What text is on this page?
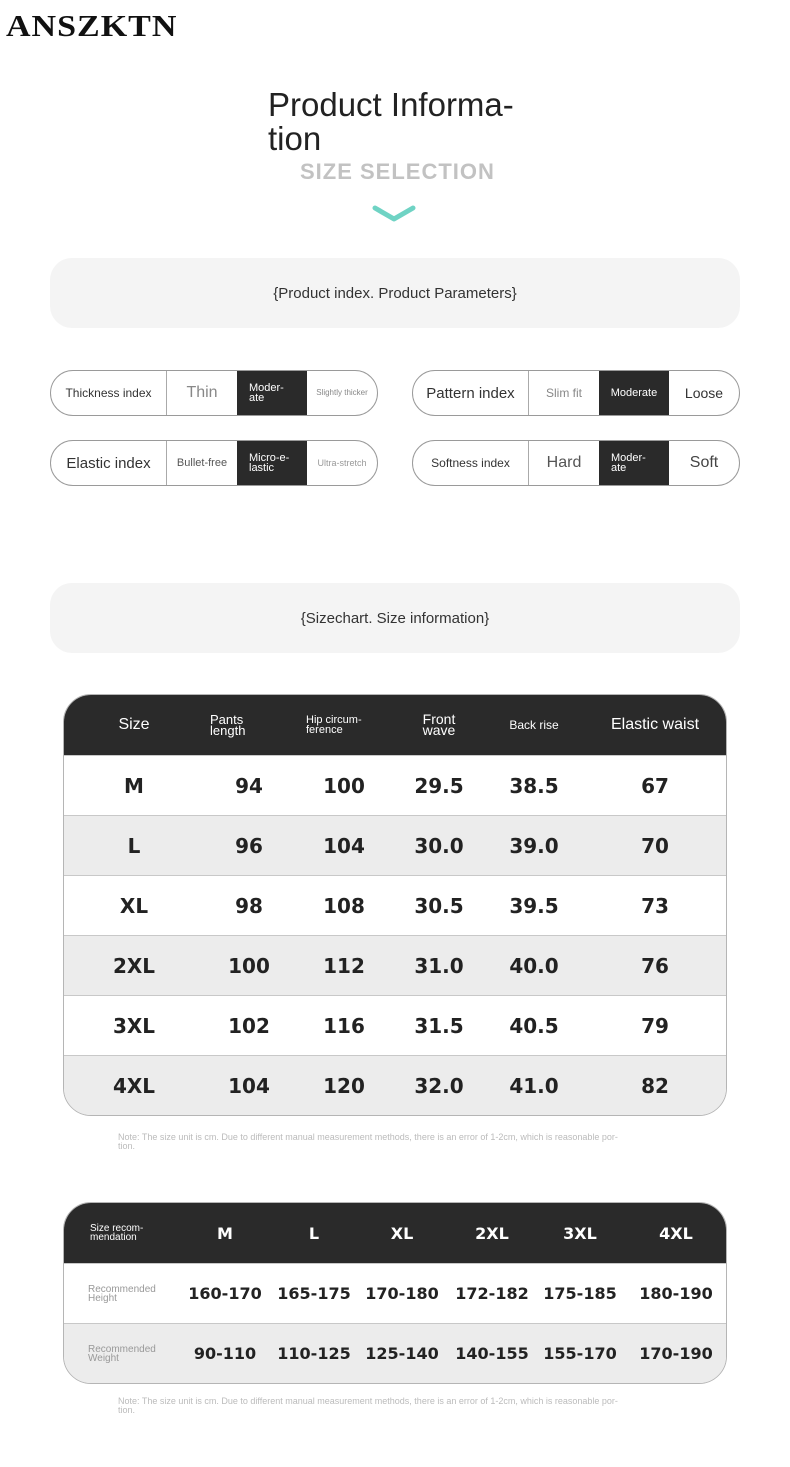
ANSZKTN
Product Informa-
tion
SIZE SELECTION
{Product index. Product Parameters}
Thickness index	Thin	Moder-
ate	Slightly thicker	Pattern index	Slim fit	Moderate	Loose
Elastic index	Bullet-free	Micro-e-
lastic	Ultra-stretch	Softness index	Hard	Moder-
ate	Soft
{Sizechart. Size information}
Size	Pants
length
Hip circum-
ference
Front
wave	Back rise	Elastic waist
M	94	100	29.5	38.5	67
L	96	104	30.0	39.0	70
XL	98	108	30.5	39.5	73
2XL	100	112	31.0	40.0	76
3XL	102	116	31.5	40.5	79
4XL	104	120	32.0	41.0	82
Note: The size unit is cm. Due to different manual measurement methods, there is an error of 1-2cm, which is reasonable por-
tion.
Size recom-
mendation	M	L	XL	2XL	3XL	4XL
Recommended
Height	160-170 165-175 170-180	172-182 175-185	180-190
Recommended
Weight	90-110	110-125 125-140	140-155 155-170	170-190
Note: The size unit is cm. Due to different manual measurement methods, there is an error of 1-2cm, which is reasonable por-
tion.
